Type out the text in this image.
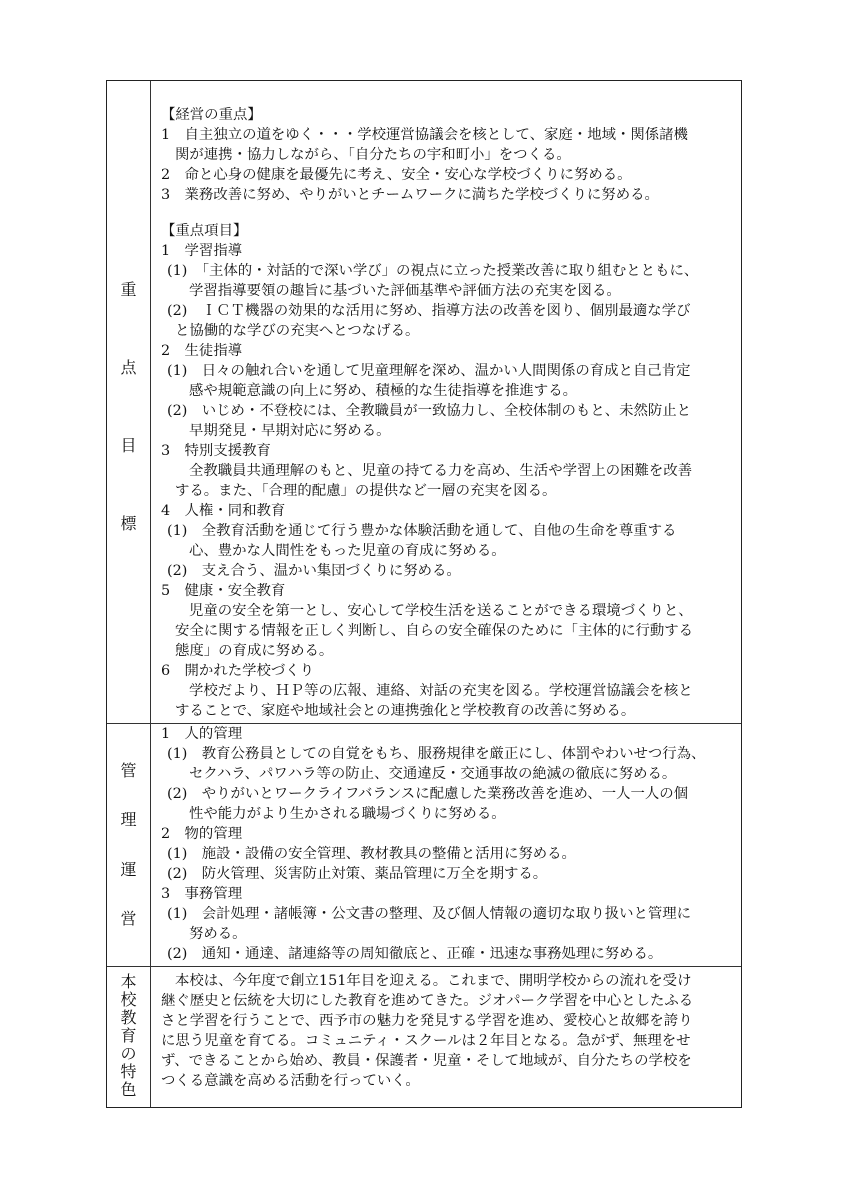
重
点
目
標
【経営の重点】
1　自主独立の道をゆく・・・学校運営協議会を核として、家庭・地域・関係諸機
関が連携・協力しながら、「自分たちの宇和町小」をつくる。
2　命と心身の健康を最優先に考え、安全・安心な学校づくりに努める。
3　業務改善に努め、やりがいとチームワークに満ちた学校づくりに努める。
【重点項目】
1　学習指導
(1)　「主体的・対話的で深い学び」の視点に立った授業改善に取り組むとともに、
学習指導要領の趣旨に基づいた評価基準や評価方法の充実を図る。
(2)　ＩＣＴ機器の効果的な活用に努め、指導方法の改善を図り、個別最適な学び
と協働的な学びの充実へとつなげる。
2　生徒指導
(1)　日々の触れ合いを通して児童理解を深め、温かい人間関係の育成と自己肯定
感や規範意識の向上に努め、積極的な生徒指導を推進する。
(2)　いじめ・不登校には、全教職員が一致協力し、全校体制のもと、未然防止と
早期発見・早期対応に努める。
3　特別支援教育
全教職員共通理解のもと、児童の持てる力を高め、生活や学習上の困難を改善
する。また、「合理的配慮」の提供など一層の充実を図る。
4　人権・同和教育
(1)　全教育活動を通じて行う豊かな体験活動を通して、自他の生命を尊重する
心、豊かな人間性をもった児童の育成に努める。
(2)　支え合う、温かい集団づくりに努める。
5　健康・安全教育
児童の安全を第一とし、安心して学校生活を送ることができる環境づくりと、
安全に関する情報を正しく判断し、自らの安全確保のために「主体的に行動する
態度」の育成に努める。
6　開かれた学校づくり
学校だより、ＨＰ等の広報、連絡、対話の充実を図る。学校運営協議会を核と
することで、家庭や地域社会との連携強化と学校教育の改善に努める。
管
理
運
営
1　人的管理
(1)　教育公務員としての自覚をもち、服務規律を厳正にし、体罰やわいせつ行為、
セクハラ、パワハラ等の防止、交通違反・交通事故の絶滅の徹底に努める。
(2)　やりがいとワークライフバランスに配慮した業務改善を進め、一人一人の個
性や能力がより生かされる職場づくりに努める。
2　物的管理
(1)　施設・設備の安全管理、教材教具の整備と活用に努める。
(2)　防火管理、災害防止対策、薬品管理に万全を期する。
3　事務管理
(1)　会計処理・諸帳簿・公文書の整理、及び個人情報の適切な取り扱いと管理に
努める。
(2)　通知・通達、諸連絡等の周知徹底と、正確・迅速な事務処理に努める。
本
校
教
育
の
特
色
本校は、今年度で創立151年目を迎える。これまで、開明学校からの流れを受け
継ぐ歴史と伝統を大切にした教育を進めてきた。ジオパーク学習を中心としたふる
さと学習を行うことで、西予市の魅力を発見する学習を進め、愛校心と故郷を誇り
に思う児童を育てる。コミュニティ・スクールは２年目となる。急がず、無理をせ
ず、できることから始め、教員・保護者・児童・そして地域が、自分たちの学校を
つくる意識を高める活動を行っていく。
